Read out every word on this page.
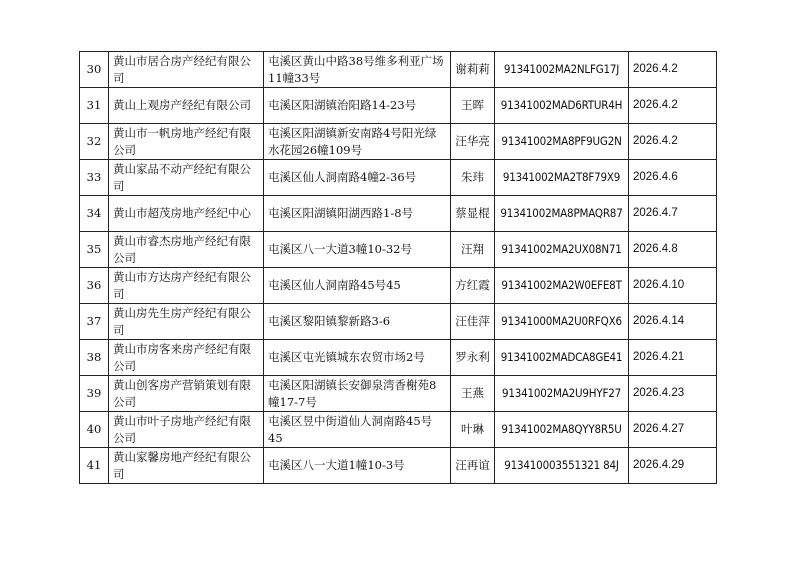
30	黄山市居合房产经纪有限公司	屯溪区黄山中路38号维多利亚广场11幢33号	谢莉莉	91341002MA2NLFG17J	2026.4.2
31	黄山上观房产经纪有限公司	屯溪区阳湖镇治阳路14-23号	王晖	91341002MAD6RTUR4H	2026.4.2
32	黄山市一帆房地产经纪有限公司	屯溪区阳湖镇新安南路4号阳光绿水花园26幢109号	汪华亮	91341002MA8PF9UG2N	2026.4.2
33	黄山家品不动产经纪有限公司	屯溪区仙人洞南路4幢2-36号	朱玮	91341002MA2T8F79X9	2026.4.6
34	黄山市超茂房地产经纪中心	屯溪区阳湖镇阳湖西路1-8号	蔡显棍	91341002MA8PMAQR87	2026.4.7
35	黄山市睿杰房地产经纪有限公司	屯溪区八一大道3幢10-32号	汪翔	91341002MA2UX08N71	2026.4.8
36	黄山市方达房产经纪有限公司	屯溪区仙人洞南路45号45	方红霞	91341002MA2W0EFE8T	2026.4.10
37	黄山房先生房产经纪有限公司	屯溪区黎阳镇黎新路3-6	汪佳萍	91341000MA2U0RFQX6	2026.4.14
38	黄山市房客来房产经纪有限公司	屯溪区屯光镇城东农贸市场2号	罗永利	91341002MADCA8GE41	2026.4.21
39	黄山创客房产营销策划有限公司	屯溪区阳湖镇长安御泉湾香榭苑8幢17-7号	王燕	91341002MA2U9HYF27	2026.4.23
40	黄山市叶子房地产经纪有限公司	屯溪区昱中街道仙人洞南路45号45	叶琳	91341002MA8QYY8R5U	2026.4.27
41	黄山家馨房地产经纪有限公司	屯溪区八一大道1幢10-3号	汪再谊	913410003551321 84J	2026.4.29
